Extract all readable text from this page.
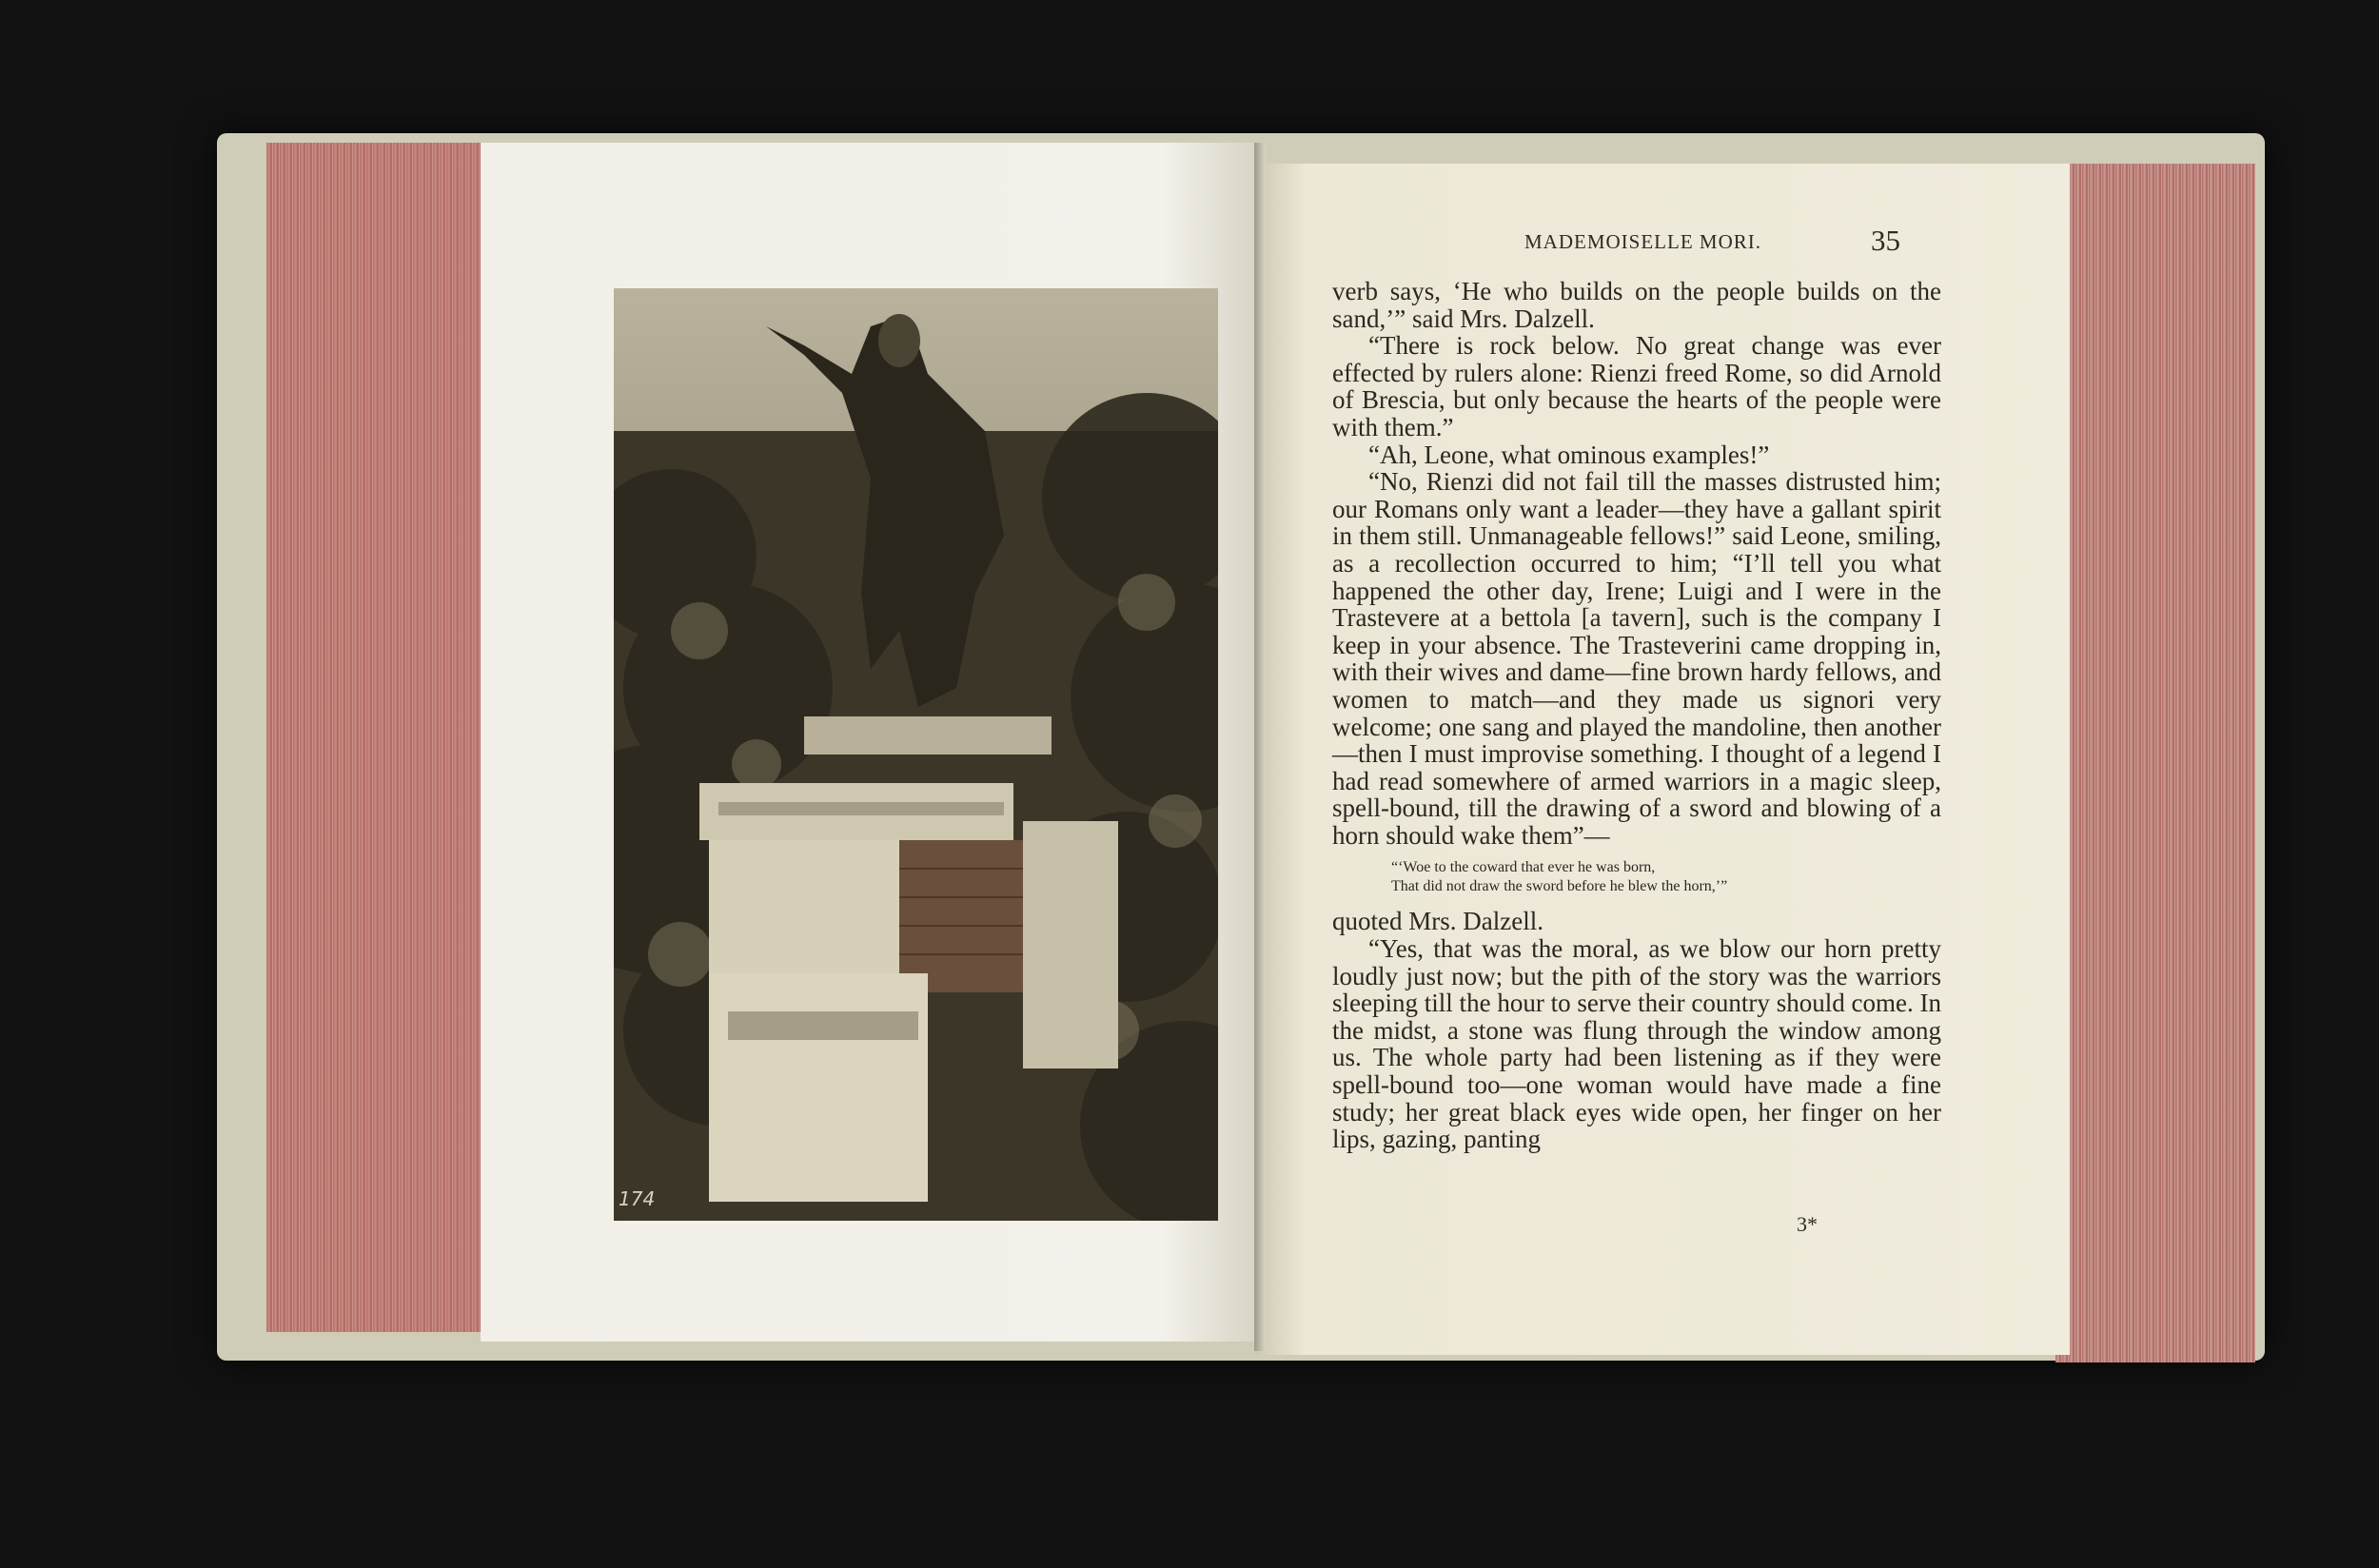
174
MADEMOISELLE MORI.	35

verb says, ‘He who builds on the people builds on the sand,’” said Mrs. Dalzell.

“There is rock below. No great change was ever effected by rulers alone: Rienzi freed Rome, so did Arnold of Brescia, but only because the hearts of the people were with them.”

“Ah, Leone, what ominous examples!”

“No, Rienzi did not fail till the masses distrusted him; our Romans only want a leader—they have a gallant spirit in them still. Unmanageable fellows!” said Leone, smiling, as a recollection occurred to him; “I’ll tell you what happened the other day, Irene; Luigi and I were in the Trastevere at a bettola [a tavern], such is the company I keep in your absence. The Trasteverini came dropping in, with their wives and dame—fine brown hardy fellows, and women to match—and they made us signori very welcome; one sang and played the mandoline, then another—then I must improvise something. I thought of a legend I had read somewhere of armed warriors in a magic sleep, spell-bound, till the drawing of a sword and blowing of a horn should wake them”—

“‘Woe to the coward that ever he was born,
That did not draw the sword before he blew the horn,’”

quoted Mrs. Dalzell.

“Yes, that was the moral, as we blow our horn pretty loudly just now; but the pith of the story was the warriors sleeping till the hour to serve their country should come. In the midst, a stone was flung through the window among us. The whole party had been listening as if they were spell-bound too—one woman would have made a fine study; her great black eyes wide open, her finger on her lips, gazing, panting

3*
